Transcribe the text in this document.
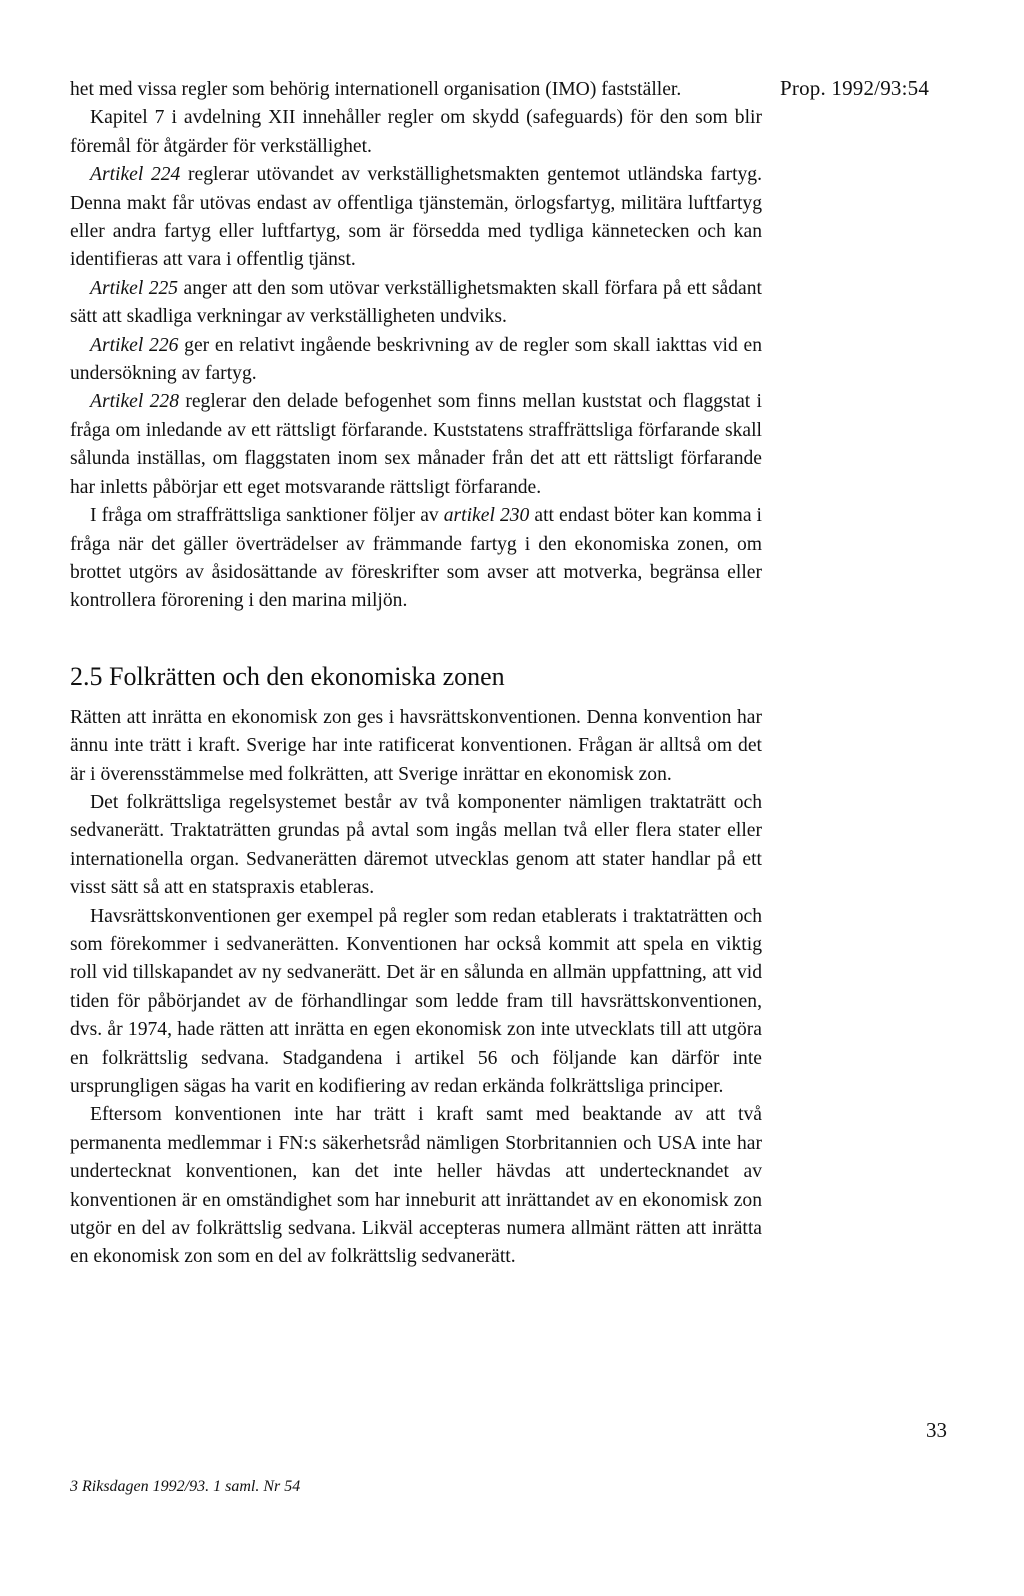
Prop. 1992/93:54

het med vissa regler som behörig internationell organisation (IMO) fastställer.

Kapitel 7 i avdelning XII innehåller regler om skydd (safeguards) för den som blir föremål för åtgärder för verkställighet.

Artikel 224 reglerar utövandet av verkställighetsmakten gentemot utländska fartyg. Denna makt får utövas endast av offentliga tjänstemän, örlogsfartyg, militära luftfartyg eller andra fartyg eller luftfartyg, som är försedda med tydliga kännetecken och kan identifieras att vara i offentlig tjänst.

Artikel 225 anger att den som utövar verkställighetsmakten skall förfara på ett sådant sätt att skadliga verkningar av verkställigheten undviks.

Artikel 226 ger en relativt ingående beskrivning av de regler som skall iakttas vid en undersökning av fartyg.

Artikel 228 reglerar den delade befogenhet som finns mellan kuststat och flaggstat i fråga om inledande av ett rättsligt förfarande. Kuststatens straffrättsliga förfarande skall sålunda inställas, om flaggstaten inom sex månader från det att ett rättsligt förfarande har inletts påbörjar ett eget motsvarande rättsligt förfarande.

I fråga om straffrättsliga sanktioner följer av artikel 230 att endast böter kan komma i fråga när det gäller överträdelser av främmande fartyg i den ekonomiska zonen, om brottet utgörs av åsidosättande av föreskrifter som avser att motverka, begränsa eller kontrollera förorening i den marina miljön.

2.5 Folkrätten och den ekonomiska zonen

Rätten att inrätta en ekonomisk zon ges i havsrättskonventionen. Denna konvention har ännu inte trätt i kraft. Sverige har inte ratificerat konventionen. Frågan är alltså om det är i överensstämmelse med folkrätten, att Sverige inrättar en ekonomisk zon.

Det folkrättsliga regelsystemet består av två komponenter nämligen traktaträtt och sedvanerätt. Traktaträtten grundas på avtal som ingås mellan två eller flera stater eller internationella organ. Sedvanerätten däremot utvecklas genom att stater handlar på ett visst sätt så att en statspraxis etableras.

Havsrättskonventionen ger exempel på regler som redan etablerats i traktaträtten och som förekommer i sedvanerätten. Konventionen har också kommit att spela en viktig roll vid tillskapandet av ny sedvanerätt. Det är en sålunda en allmän uppfattning, att vid tiden för påbörjandet av de förhandlingar som ledde fram till havsrättskonventionen, dvs. år 1974, hade rätten att inrätta en egen ekonomisk zon inte utvecklats till att utgöra en folkrättslig sedvana. Stadgandena i artikel 56 och följande kan därför inte ursprungligen sägas ha varit en kodifiering av redan erkända folkrättsliga principer.

Eftersom konventionen inte har trätt i kraft samt med beaktande av att två permanenta medlemmar i FN:s säkerhetsråd nämligen Storbritannien och USA inte har undertecknat konventionen, kan det inte heller hävdas att undertecknandet av konventionen är en omständighet som har inneburit att inrättandet av en ekonomisk zon utgör en del av folkrättslig sedvana. Likväl accepteras numera allmänt rätten att inrätta en ekonomisk zon som en del av folkrättslig sedvanerätt.

33
3 Riksdagen 1992/93. 1 saml. Nr 54
